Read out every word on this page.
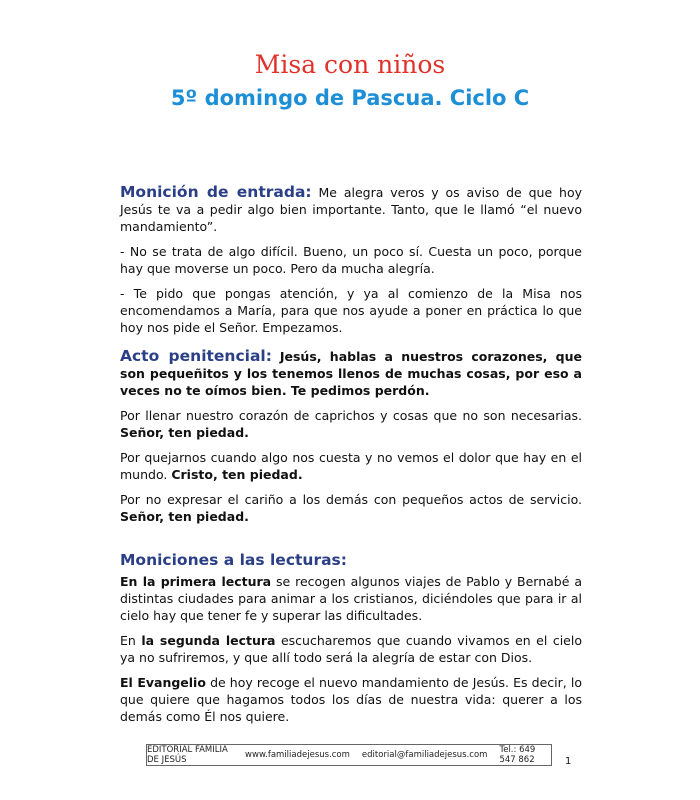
Misa con niños
5º domingo de Pascua. Ciclo C

Monición de entrada: Me alegra veros y os aviso de que hoy Jesús te va a pedir algo bien importante. Tanto, que le llamó “el nuevo mandamiento”.

- No se trata de algo difícil. Bueno, un poco sí. Cuesta un poco, porque hay que moverse un poco. Pero da mucha alegría.

- Te pido que pongas atención, y ya al comienzo de la Misa nos encomendamos a María, para que nos ayude a poner en práctica lo que hoy nos pide el Señor. Empezamos.

Acto penitencial: Jesús, hablas a nuestros corazones, que son pequeñitos y los tenemos llenos de muchas cosas, por eso a veces no te oímos bien. Te pedimos perdón.

Por llenar nuestro corazón de caprichos y cosas que no son necesarias. Señor, ten piedad.

Por quejarnos cuando algo nos cuesta y no vemos el dolor que hay en el mundo. Cristo, ten piedad.

Por no expresar el cariño a los demás con pequeños actos de servicio. Señor, ten piedad.

Moniciones a las lecturas:

En la primera lectura se recogen algunos viajes de Pablo y Bernabé a distintas ciudades para animar a los cristianos, diciéndoles que para ir al cielo hay que tener fe y superar las dificultades.

En la segunda lectura escucharemos que cuando vivamos en el cielo ya no sufriremos, y que allí todo será la alegría de estar con Dios.

El Evangelio de hoy recoge el nuevo mandamiento de Jesús. Es decir, lo que quiere que hagamos todos los días de nuestra vida: querer a los demás como Él nos quiere.

EDITORIAL FAMILIA DE JESÚS	www.familiadejesus.com editorial@familiadejesus.com Tel.: 649 547 862	1
